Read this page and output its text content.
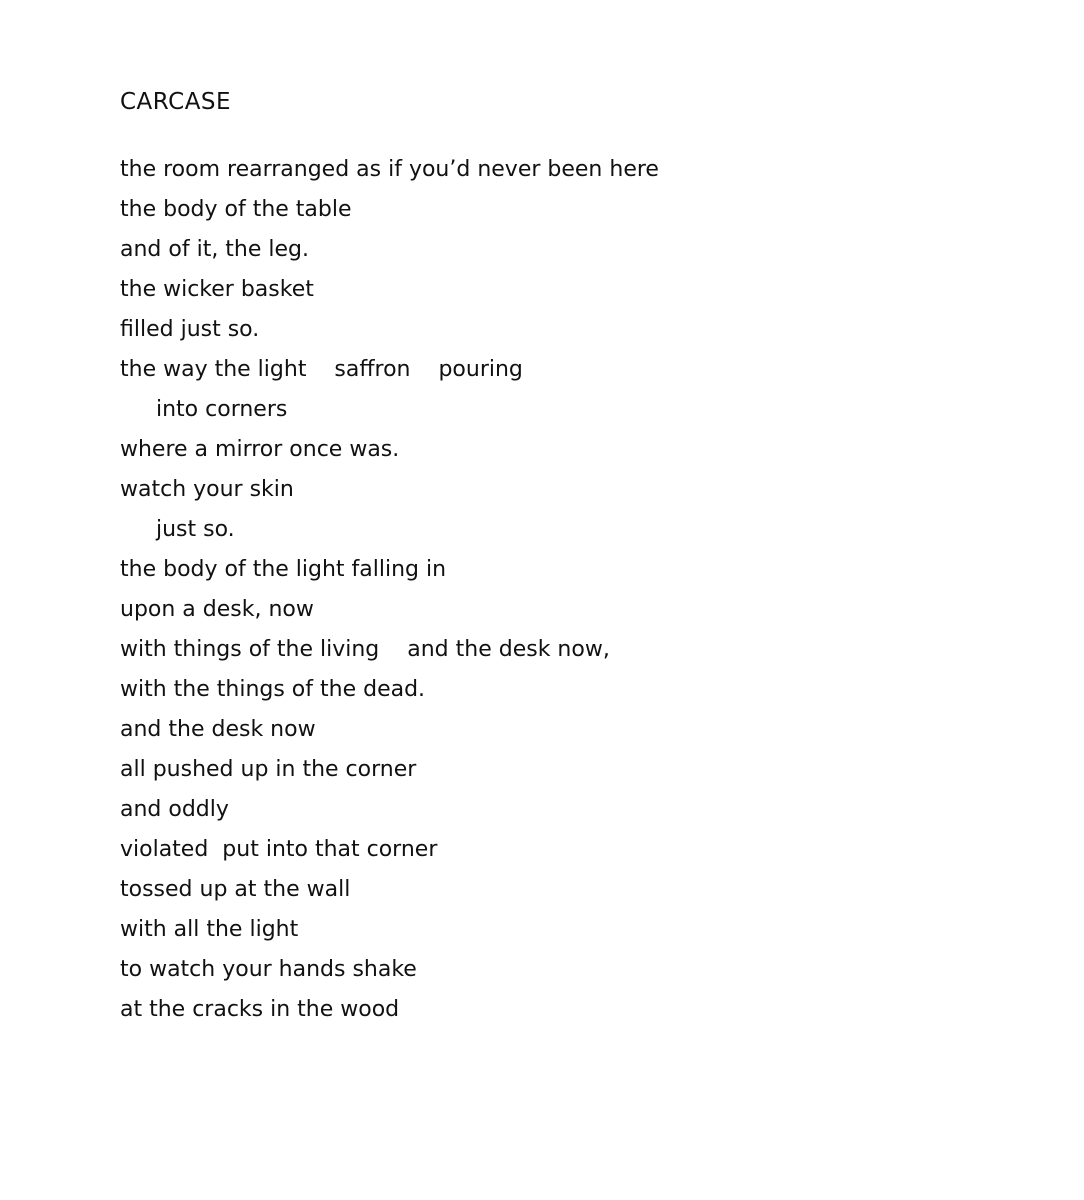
CARCASE
the room rearranged as if you’d never been here
the body of the table
and of it, the leg.
the wicker basket
filled just so.
the way the light    saffron    pouring
into corners
where a mirror once was.
watch your skin
just so.
the body of the light falling in
upon a desk, now
with things of the living    and the desk now,
with the things of the dead.
and the desk now
all pushed up in the corner
and oddly
violated  put into that corner
tossed up at the wall
with all the light
to watch your hands shake
at the cracks in the wood
